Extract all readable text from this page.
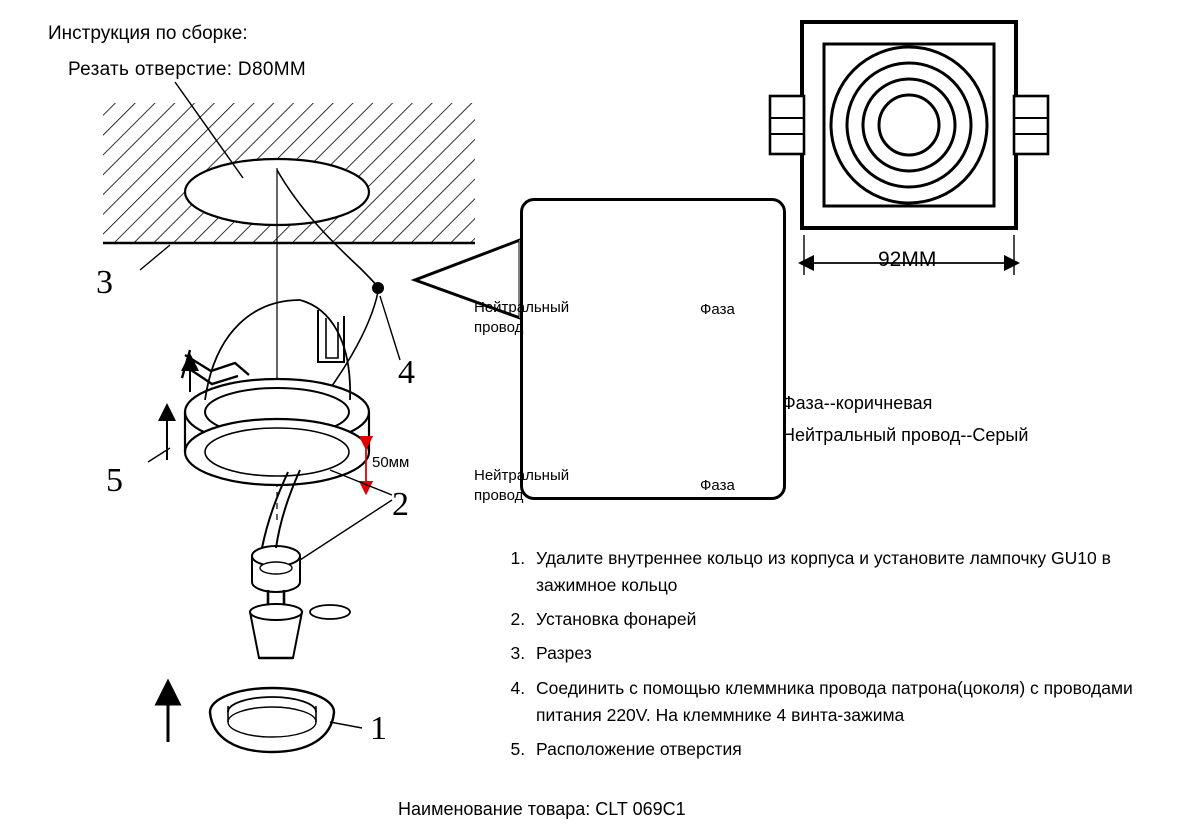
Инструкция по сборке:
Резать отверстие: D80MM
3
4
5
2
1
50мм
92MM
Нейтральный провод
Фаза
Нейтральный провод
Фаза
Фаза--коричневая
Нейтральный провод--Серый
1. Удалите внутреннее кольцо из корпуса и установите лампочку GU10 в зажимное кольцо
2. Установка фонарей
3. Разрез
4. Соединить с помощью клеммника провода патрона(цоколя) с проводами питания 220V. На клеммнике 4 винта-зажима
5. Расположение отверстия
Наименование товара: CLT 069C1
